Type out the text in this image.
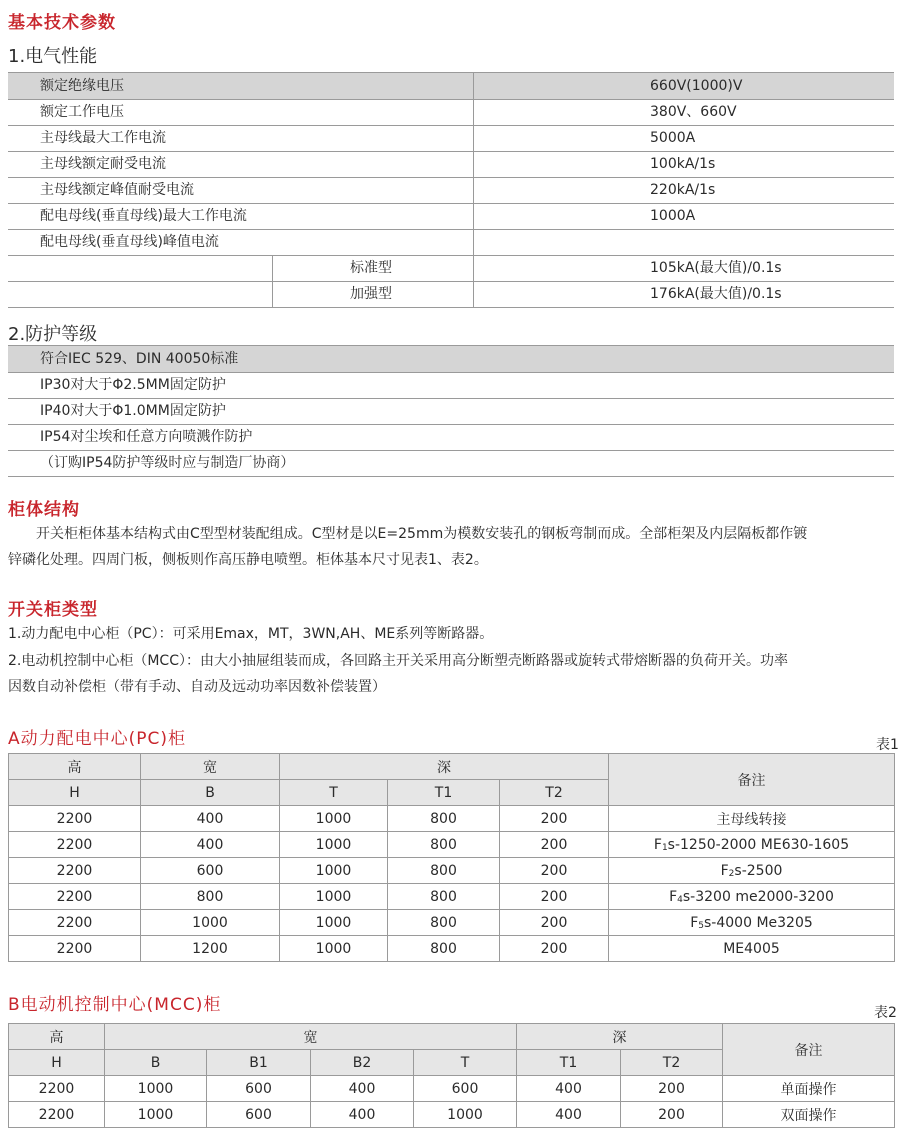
基本技术参数
1.电气性能
额定绝缘电压	660V(1000)V
额定工作电压	380V、660V
主母线最大工作电流	5000A
主母线额定耐受电流	100kA/1s
主母线额定峰值耐受电流	220kA/1s
配电母线(垂直母线)最大工作电流	1000A
配电母线(垂直母线)峰值电流
标准型	105kA(最大值)/0.1s
加强型	176kA(最大值)/0.1s
2.防护等级
符合IEC 529、DIN 40050标准
IP30对大于Φ2.5MM固定防护
IP40对大于Φ1.0MM固定防护
IP54对尘埃和任意方向喷溅作防护
（订购IP54防护等级时应与制造厂协商）
柜体结构
开关柜柜体基本结构式由C型型材装配组成。C型材是以E=25mm为模数安装孔的钢板弯制而成。全部柜架及内层隔板都作镀
锌磷化处理。四周门板，侧板则作高压静电喷塑。柜体基本尺寸见表1、表2。
开关柜类型
1.动力配电中心柜（PC）：可采用Emax，MT，3WN,AH、ME系列等断路器。
2.电动机控制中心柜（MCC）：由大小抽屉组装而成，各回路主开关采用高分断塑壳断路器或旋转式带熔断器的负荷开关。功率
因数自动补偿柜（带有手动、自动及远动功率因数补偿装置）
A动力配电中心(PC)柜	表1
高	宽	深			备注
H	B	T	T1	T2	
2200	400	1000	800	200	主母线转接
2200	400	1000	800	200	$F_1s-1250-2000$ ME630-1605
2200	600	1000	800	200	$F_2s-2500$
2200	800	1000	800	200	$F_4s-3200$ me2000-3200
2200	1000	1000	800	200	$F_5s-4000$ Me3205
2200	1200	1000	800	200	ME4005
B电动机控制中心(MCC)柜	表2
高	宽				深		备注
H	B	B1	B2	T	T1	T2	
2200	1000	600	400	600	400	200	单面操作
2200	1000	600	400	1000	400	200	双面操作
